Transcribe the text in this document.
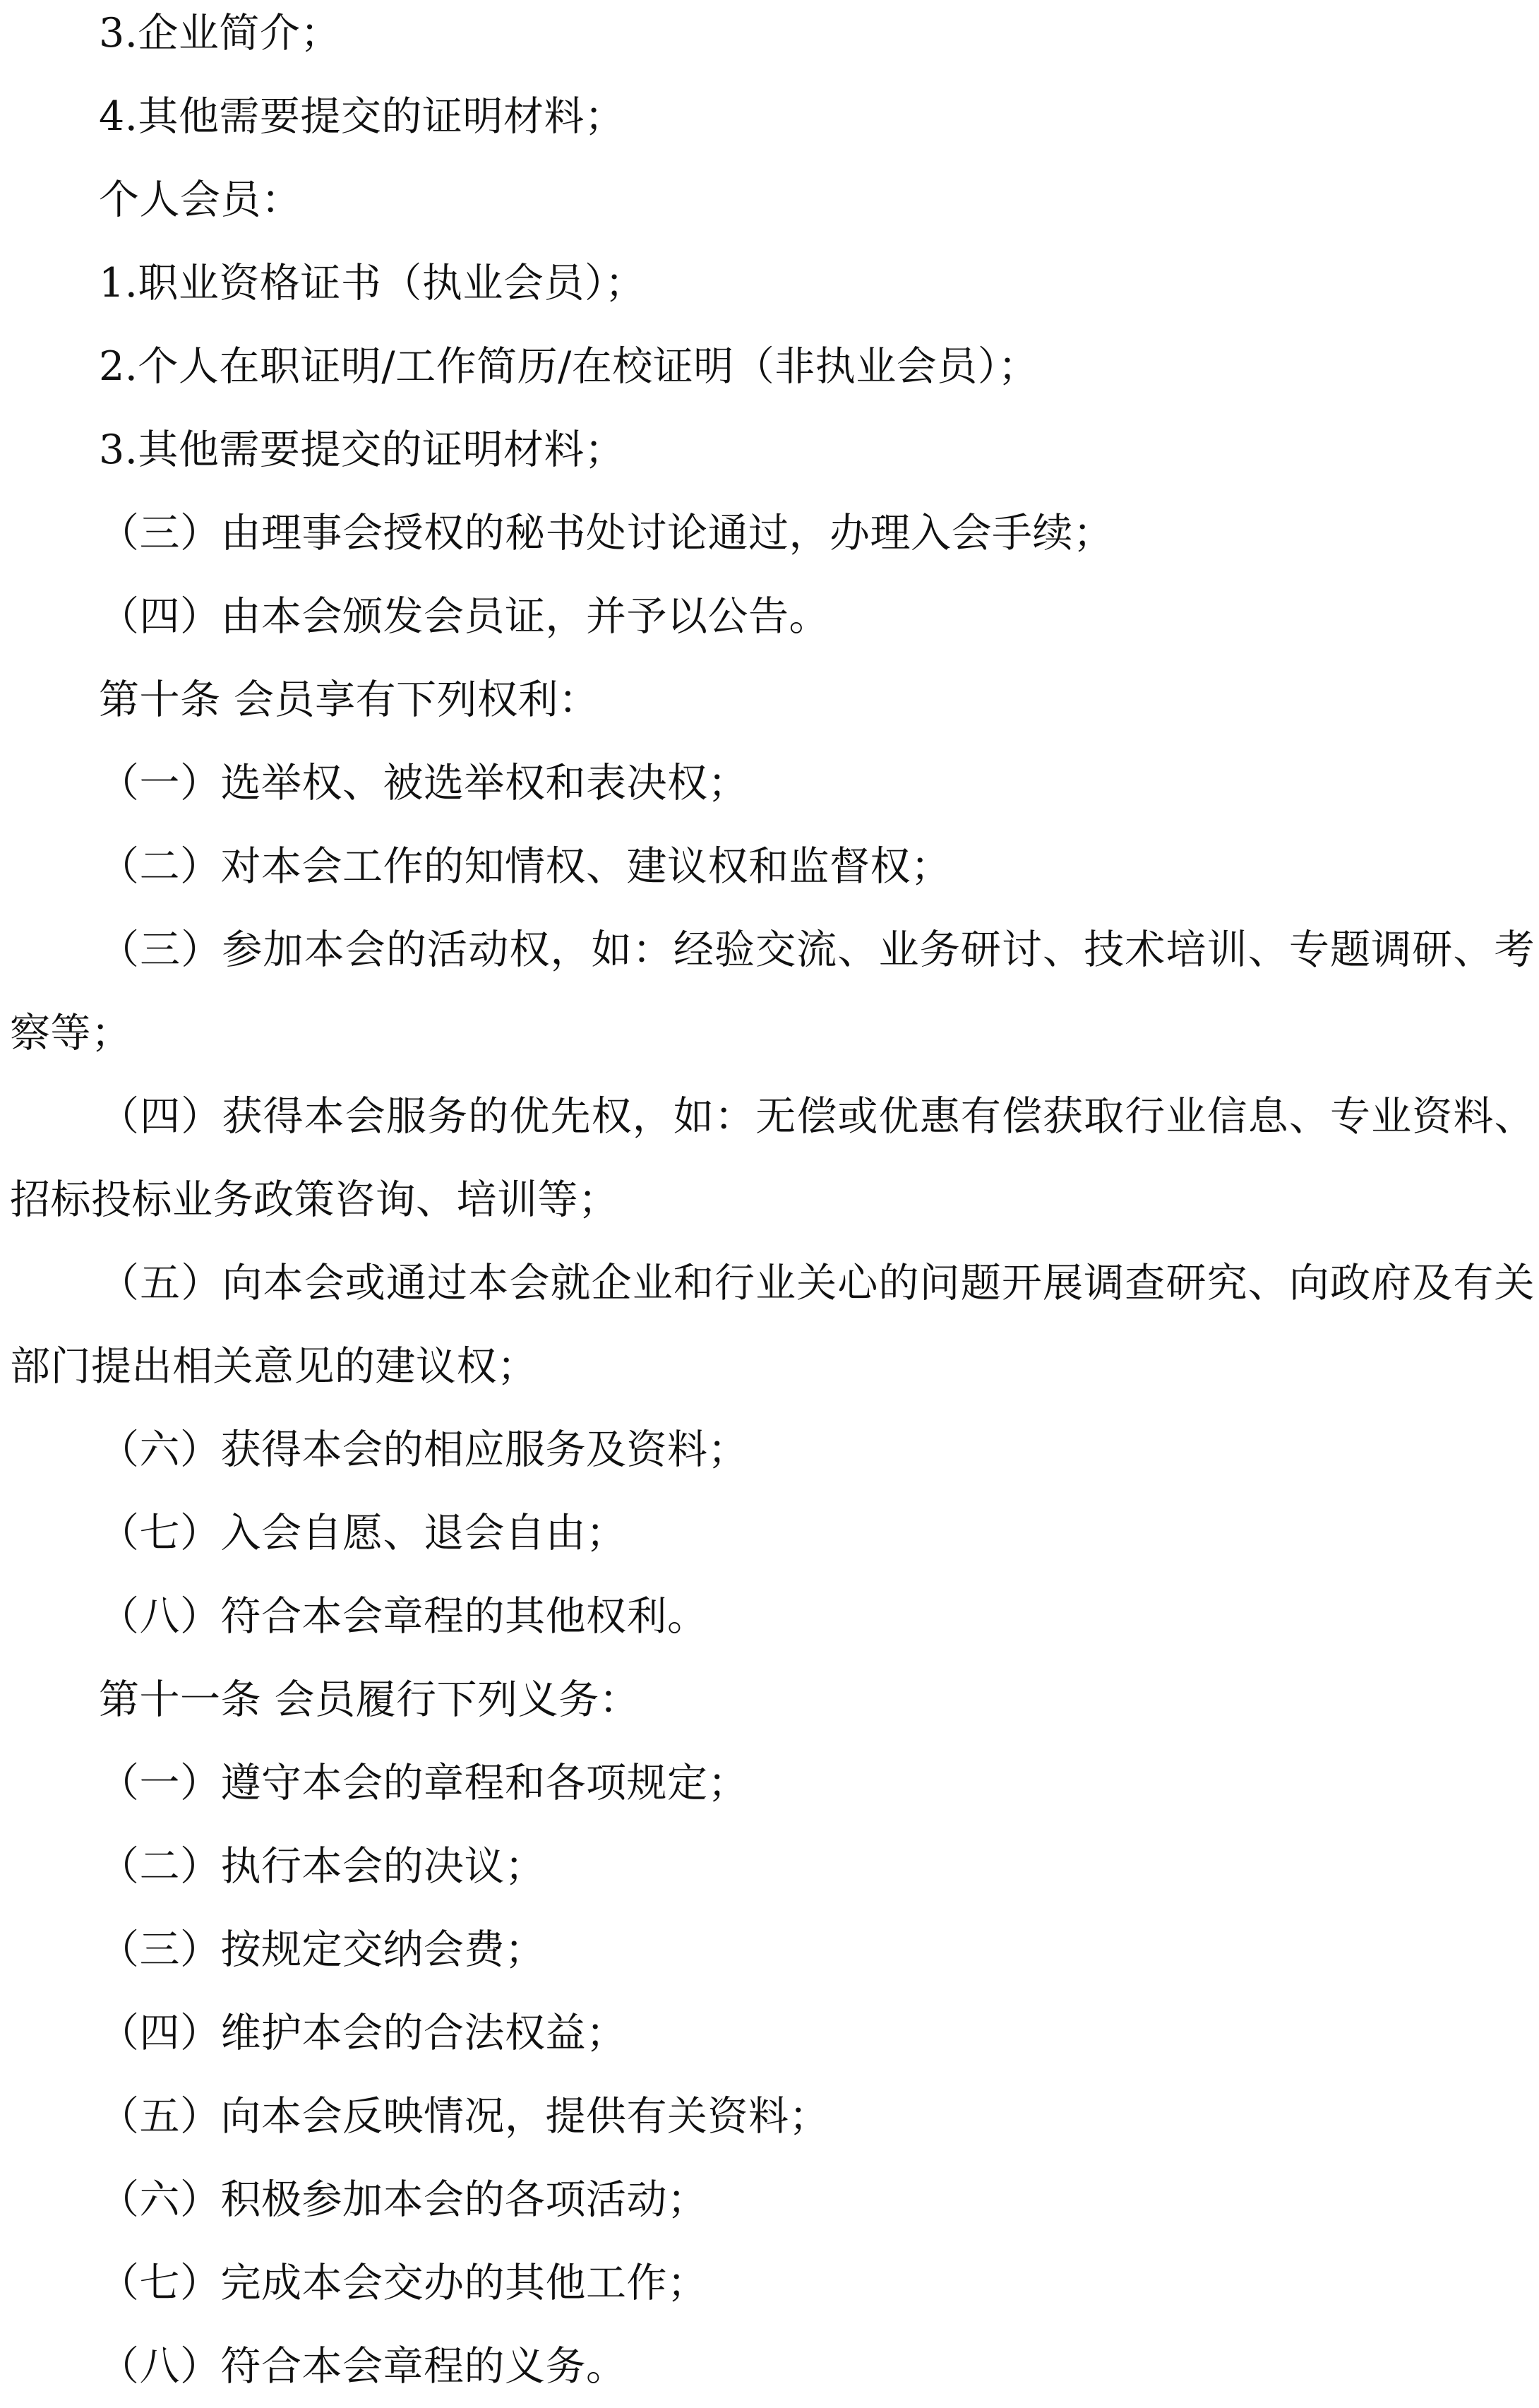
3.企业简介；

4.其他需要提交的证明材料；

个人会员：

1.职业资格证书（执业会员）；

2.个人在职证明/工作简历/在校证明（非执业会员）；

3.其他需要提交的证明材料；

（三）由理事会授权的秘书处讨论通过，办理入会手续；

（四）由本会颁发会员证，并予以公告。

第十条 会员享有下列权利：

（一）选举权、被选举权和表决权；

（二）对本会工作的知情权、建议权和监督权；

（三）参加本会的活动权，如：经验交流、业务研讨、技术培训、专题调研、考察等；

（四）获得本会服务的优先权，如：无偿或优惠有偿获取行业信息、专业资料、招标投标业务政策咨询、培训等；

（五）向本会或通过本会就企业和行业关心的问题开展调查研究、向政府及有关部门提出相关意见的建议权；

（六）获得本会的相应服务及资料；

（七）入会自愿、退会自由；

（八）符合本会章程的其他权利。

第十一条 会员履行下列义务：

（一）遵守本会的章程和各项规定；

（二）执行本会的决议；

（三）按规定交纳会费；

（四）维护本会的合法权益；

（五）向本会反映情况，提供有关资料；

（六）积极参加本会的各项活动；

（七）完成本会交办的其他工作；

（八）符合本会章程的义务。
